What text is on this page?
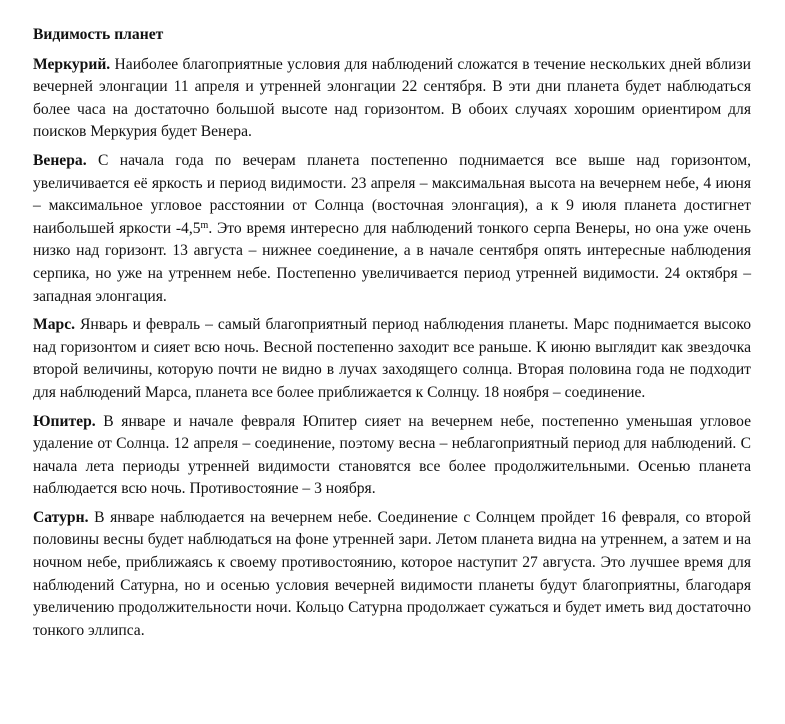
Видимость планет

Меркурий. Наиболее благоприятные условия для наблюдений сложатся в течение нескольких дней вблизи вечерней элонгации 11 апреля и утренней элонгации 22 сентября. В эти дни планета будет наблюдаться более часа на достаточно большой высоте над горизонтом. В обоих случаях хорошим ориентиром для поисков Меркурия будет Венера.

Венера. С начала года по вечерам планета постепенно поднимается все выше над горизонтом, увеличивается её яркость и период видимости. 23 апреля – максимальная высота на вечернем небе, 4 июня – максимальное угловое расстоянии от Солнца (восточная элонгация), а к 9 июля планета достигнет наибольшей яркости -4,5$^m$. Это время интересно для наблюдений тонкого серпа Венеры, но она уже очень низко над горизонт. 13 августа – нижнее соединение, а в начале сентября опять интересные наблюдения серпика, но уже на утреннем небе. Постепенно увеличивается период утренней видимости. 24 октября – западная элонгация.

Марс. Январь и февраль – самый благоприятный период наблюдения планеты. Марс поднимается высоко над горизонтом и сияет всю ночь. Весной постепенно заходит все раньше. К июню выглядит как звездочка второй величины, которую почти не видно в лучах заходящего солнца. Вторая половина года не подходит для наблюдений Марса, планета все более приближается к Солнцу. 18 ноября – соединение.

Юпитер. В январе и начале февраля Юпитер сияет на вечернем небе, постепенно уменьшая угловое удаление от Солнца. 12 апреля – соединение, поэтому весна – неблагоприятный период для наблюдений. С начала лета периоды утренней видимости становятся все более продолжительными. Осенью планета наблюдается всю ночь. Противостояние – 3 ноября.

Сатурн. В январе наблюдается на вечернем небе. Соединение с Солнцем пройдет 16 февраля, со второй половины весны будет наблюдаться на фоне утренней зари. Летом планета видна на утреннем, а затем и на ночном небе, приближаясь к своему противостоянию, которое наступит 27 августа. Это лучшее время для наблюдений Сатурна, но и осенью условия вечерней видимости планеты будут благоприятны, благодаря увеличению продолжительности ночи. Кольцо Сатурна продолжает сужаться и будет иметь вид достаточно тонкого эллипса.
